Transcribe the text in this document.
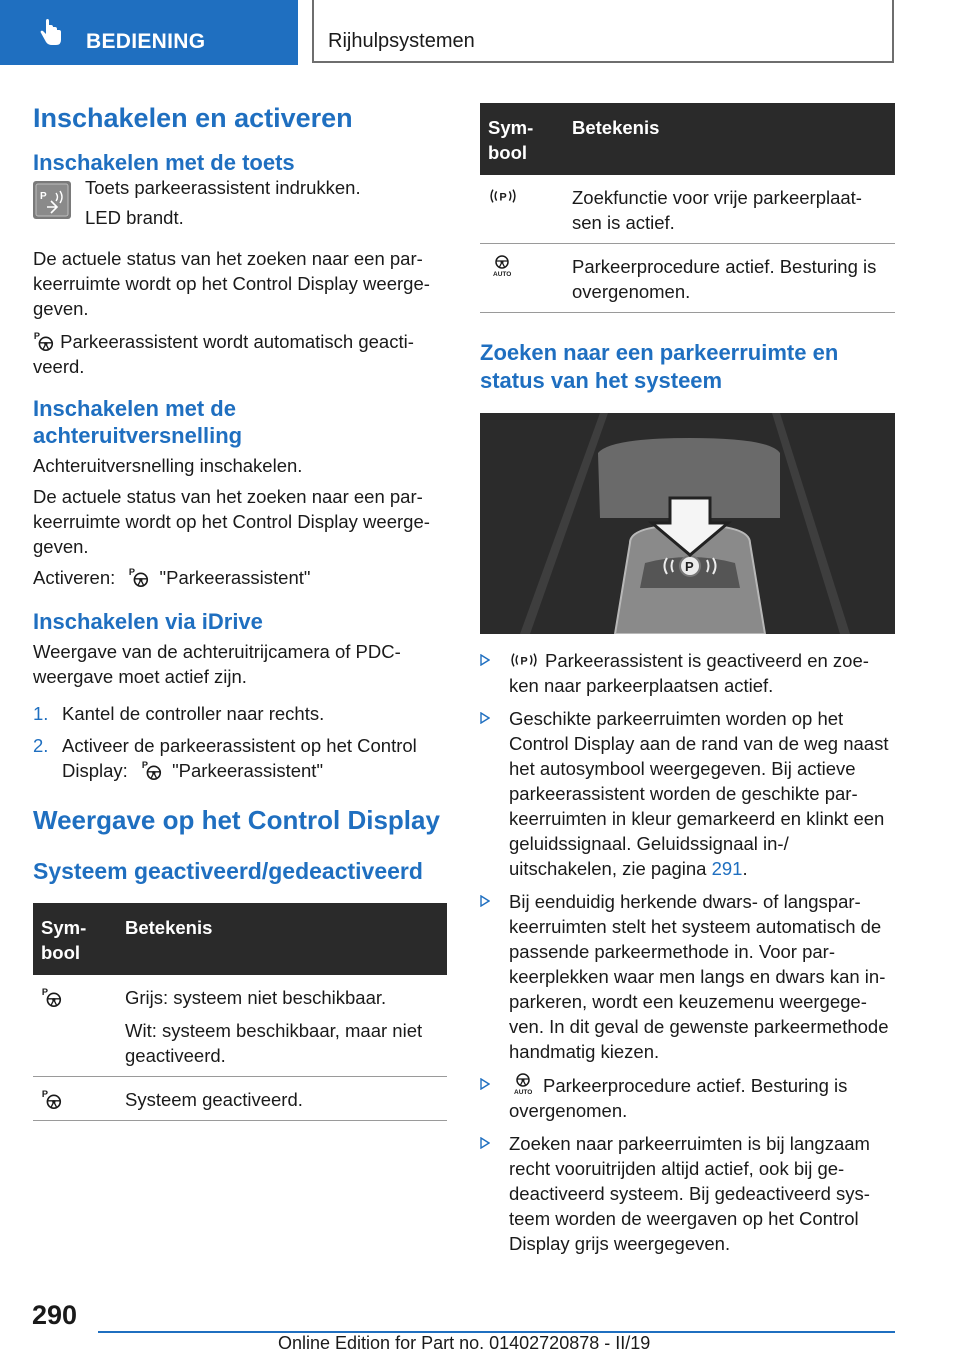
BEDIENING	Rijhulpsystemen
Inschakelen en activeren
Inschakelen met de toets
P Toets parkeerassistent indrukken.

LED brandt.

De actuele status van het zoeken naar een par-keerruimte wordt op het Control Display weerge-geven.

Parkeerassistent wordt automatisch geacti-veerd.

Inschakelen met de achteruitversnelling

Achteruitversnelling inschakelen.

De actuele status van het zoeken naar een par-keerruimte wordt op het Control Display weerge-geven.

Activeren: "Parkeerassistent"

Inschakelen via iDrive

Weergave van de achteruitrijcamera of PDC-weergave moet actief zijn.

1. Kantel de controller naar rechts.
2. Activeer de parkeerassistent op het Control
Display: "Parkeerassistent"
Weergave op het Control Display
Systeem geactiveerd/gedeactiveerd
Sym-bool	Betekenis

Grijs: systeem niet beschikbaar.

Wit: systeem beschikbaar, maar niet geactiveerd.

	Systeem geactiveerd.
Sym-bool	Betekenis
	Zoekfunctie voor vrije parkeerplaat-sen is actief.
	Parkeerprocedure actief. Besturing is overgenomen.
Zoeken naar een parkeerruimte en status van het systeem
P
Parkeerassistent is geactiveerd en zoe-ken naar parkeerplaatsen actief.
Geschikte parkeerruimten worden op het Control Display aan de rand van de weg naast het autosymbool weergegeven. Bij actieve parkeerassistent worden de geschikte par-keerruimten in kleur gemarkeerd en klinkt een geluidssignaal. Geluidssignaal in-/ uitschakelen, zie pagina 291.
Bij eenduidig herkende dwars- of langspar-keerruimten stelt het systeem automatisch de passende parkeermethode in. Voor par-keerplekken waar men langs en dwars kan in-parkeren, wordt een keuzemenu weergege-ven. In dit geval de gewenste parkeermethode handmatig kiezen.
Parkeerprocedure actief. Besturing is overgenomen.
Zoeken naar parkeerruimten is bij langzaam recht vooruitrijden altijd actief, ook bij ge-deactiveerd systeem. Bij gedeactiveerd sys-teem worden de weergaven op het Control Display grijs weergegeven.
290
Online Edition for Part no. 01402720878 - II/19
